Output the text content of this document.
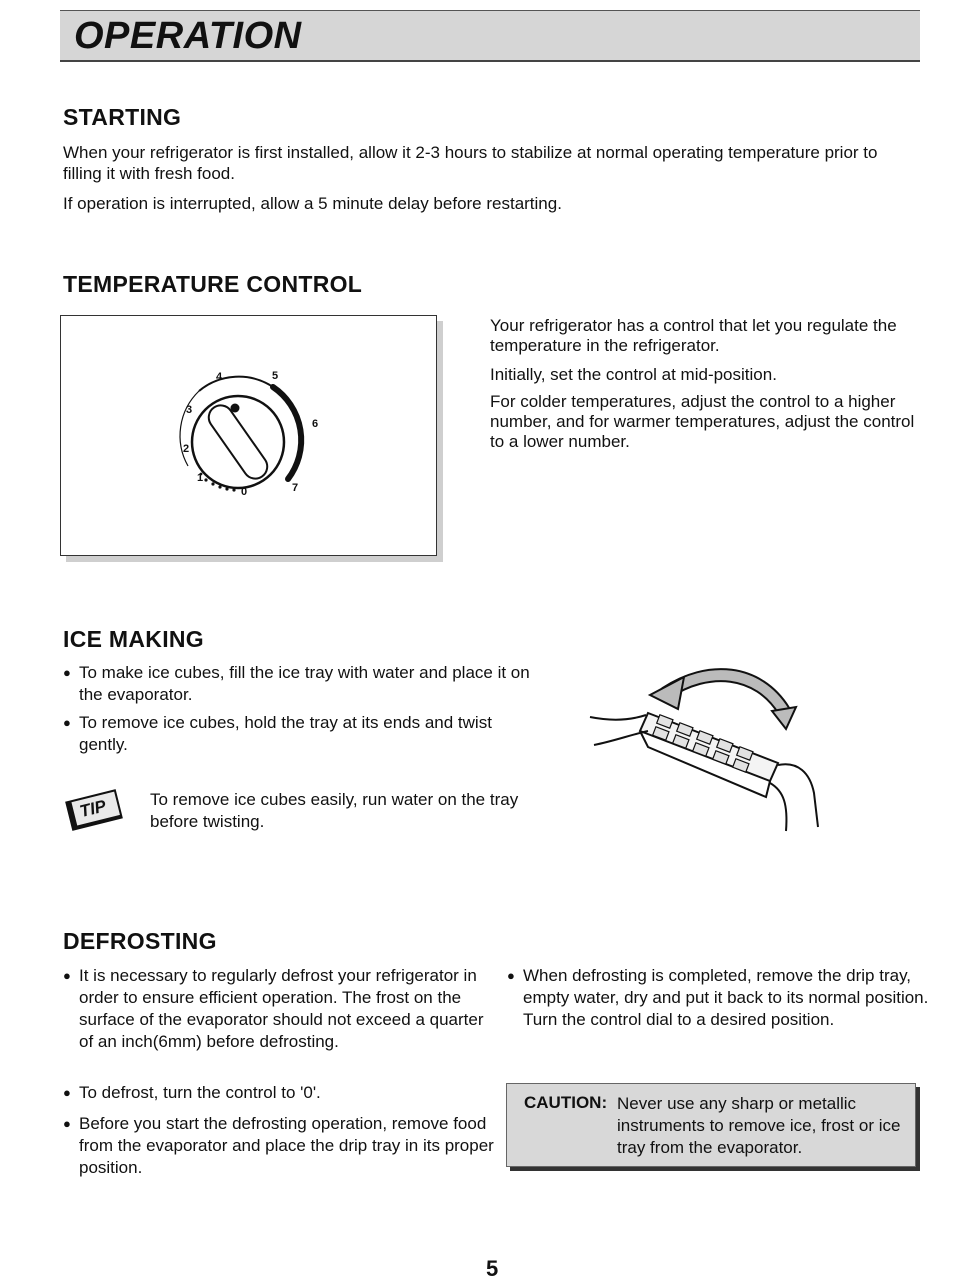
OPERATION
STARTING

When your refrigerator is first installed, allow it 2-3 hours to stabilize at normal operating temperature prior to filling it with fresh food.

If operation is interrupted, allow a 5 minute delay before restarting.

TEMPERATURE CONTROL
0
1
2
3
4	5
6
7

Your refrigerator has a control that let you regulate the temperature in the refrigerator.

Initially, set the control at mid-position.

For colder temperatures, adjust the control to a higher number, and for warmer temperatures, adjust the control to a lower number.

ICE MAKING
● To make ice cubes, fill the ice tray with water and place it on the evaporator.
● To remove ice cubes, hold the tray at its ends and twist gently.
TIP To remove ice cubes easily, run water on the tray before twisting.

DEFROSTING
● It is necessary to regularly defrost your refrigerator in order to ensure efficient operation. The frost on the surface of the evaporator should not exceed a quarter of an inch(6mm) before defrosting.
● To defrost, turn the control to '0'.
● Before you start the defrosting operation, remove food from the evaporator and place the drip tray in its proper position.
● When defrosting is completed, remove the drip tray, empty water, dry and put it back to its normal position. Turn the control dial to a desired position.
CAUTION: Never use any sharp or metallic instruments to remove ice, frost or ice tray from the evaporator.
5
